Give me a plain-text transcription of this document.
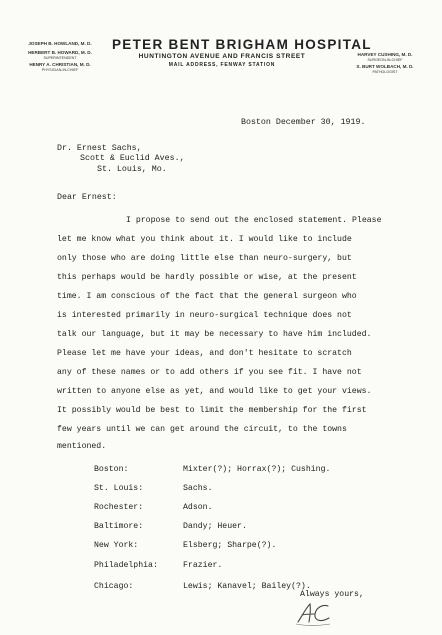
JOSEPH B. HOWLAND, M. D.
HERBERT B. HOWARD, M. D.
SUPERINTENDENT
HENRY A. CHRISTIAN, M. D.
PHYSICIAN-IN-CHIEF
PETER BENT BRIGHAM HOSPITAL
HUNTINGTON AVENUE AND FRANCIS STREET
MAIL ADDRESS, FENWAY STATION
HARVEY CUSHING, M. D.
SURGEON-IN-CHIEF
S. BURT WOLBACH, M. D.
PATHOLOGIST
Boston December 30, 1919.
Dr. Ernest Sachs,
Scott & Euclid Aves.,
St. Louis, Mo.
Dear Ernest:
I propose to send out the enclosed statement. Please
let me know what you think about it. I would like to include
only those who are doing little else than neuro-surgery, but
this perhaps would be hardly possible or wise, at the present
time. I am conscious of the fact that the general surgeon who
is interested primarily in neuro-surgical technique does not
talk our language, but it may be necessary to have him included.
Please let me have your ideas, and don't hesitate to scratch
any of these names or to add others if you see fit. I have not
written to anyone else as yet, and would like to get your views.
It possibly would be best to limit the membership for the first
few years until we can get around the circuit, to the towns
mentioned.
Boston:	Mixter(?); Horrax(?); Cushing.
St. Louis:	Sachs.
Rochester:	Adson.
Baltimore:	Dandy; Heuer.
New York:	Elsberg; Sharpe(?).
Philadelphia:	Frazier.
Chicago:	Lewis; Kanavel; Bailey(?).
Always yours,
